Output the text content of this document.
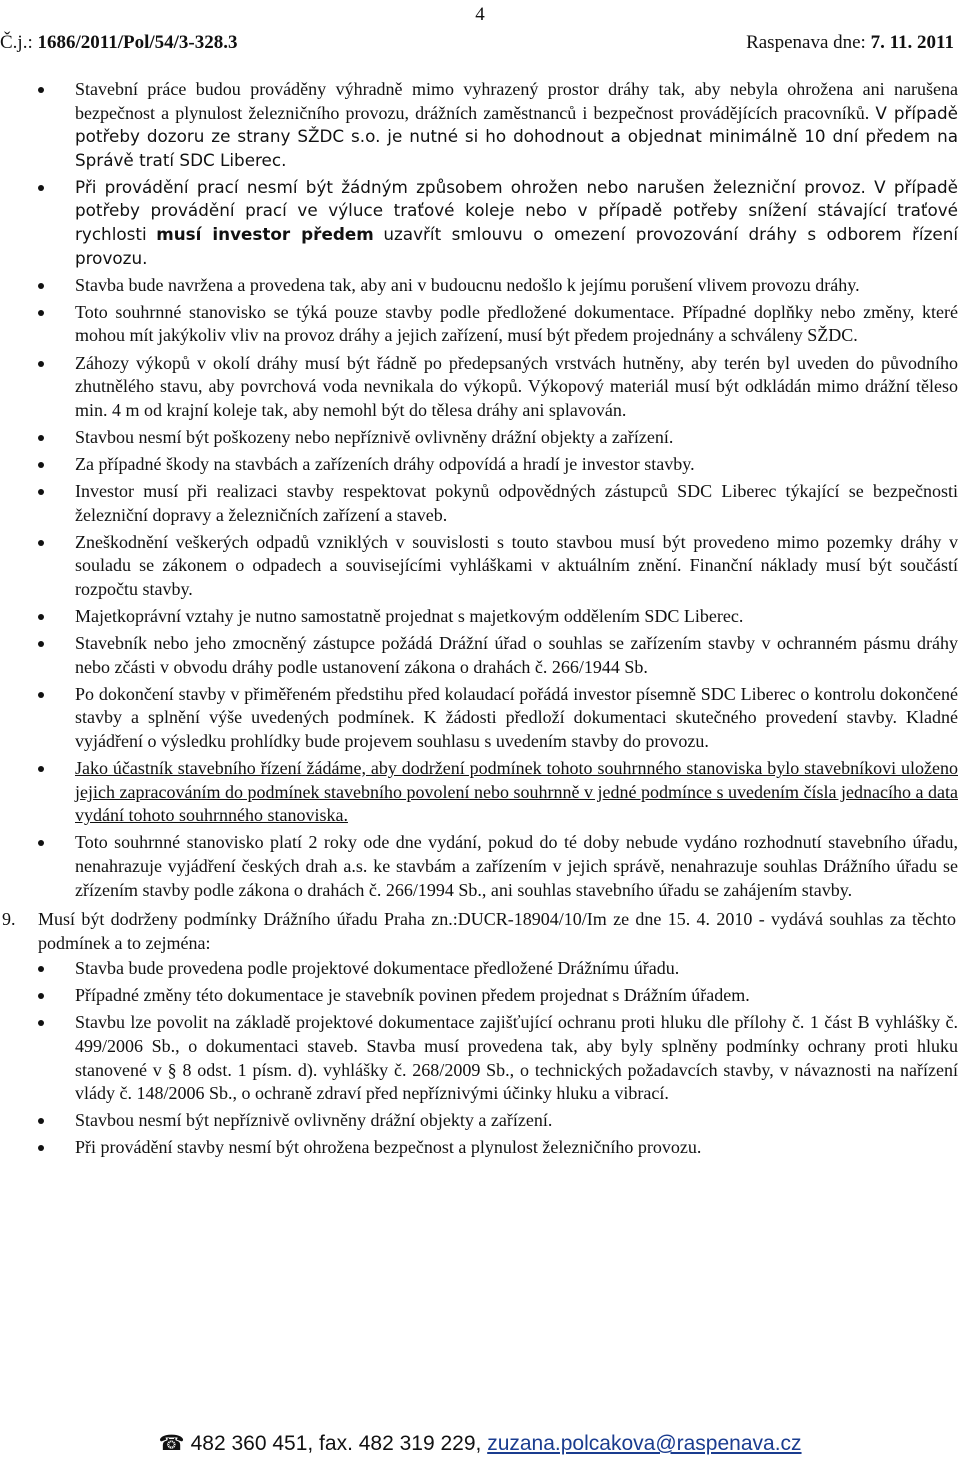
4
Č.j.: 1686/2011/Pol/54/3-328.3	Raspenava dne: 7. 11. 2011
Stavební práce budou prováděny výhradně mimo vyhrazený prostor dráhy tak, aby nebyla ohrožena ani narušena bezpečnost a plynulost železničního provozu, drážních zaměstnanců i bezpečnost provádějících pracovníků. V případě potřeby dozoru ze strany SŽDC s.o. je nutné si ho dohodnout a objednat minimálně 10 dní předem na Správě tratí SDC Liberec.
Při provádění prací nesmí být žádným způsobem ohrožen nebo narušen železniční provoz. V případě potřeby provádění prací ve výluce traťové koleje nebo v případě potřeby snížení stávající traťové rychlosti musí investor předem uzavřít smlouvu o omezení provozování dráhy s odborem řízení provozu.
Stavba bude navržena a provedena tak, aby ani v budoucnu nedošlo k jejímu porušení vlivem provozu dráhy.
Toto souhrnné stanovisko se týká pouze stavby podle předložené dokumentace. Případné doplňky nebo změny, které mohou mít jakýkoliv vliv na provoz dráhy a jejich zařízení, musí být předem projednány a schváleny SŽDC.
Záhozy výkopů v okolí dráhy musí být řádně po předepsaných vrstvách hutněny, aby terén byl uveden do původního zhutnělého stavu, aby povrchová voda nevnikala do výkopů. Výkopový materiál musí být odkládán mimo drážní těleso min. 4 m od krajní koleje tak, aby nemohl být do tělesa dráhy ani splavován.
Stavbou nesmí být poškozeny nebo nepříznivě ovlivněny drážní objekty a zařízení.
Za případné škody na stavbách a zařízeních dráhy odpovídá a hradí je investor stavby.
Investor musí při realizaci stavby respektovat pokynů odpovědných zástupců SDC Liberec týkající se bezpečnosti železniční dopravy a železničních zařízení a staveb.
Zneškodnění veškerých odpadů vzniklých v souvislosti s touto stavbou musí být provedeno mimo pozemky dráhy v souladu se zákonem o odpadech a souvisejícími vyhláškami v aktuálním znění. Finanční náklady musí být součástí rozpočtu stavby.
Majetkoprávní vztahy je nutno samostatně projednat s majetkovým oddělením SDC Liberec.
Stavebník nebo jeho zmocněný zástupce požádá Drážní úřad o souhlas se zařízením stavby v ochranném pásmu dráhy nebo zčásti v obvodu dráhy podle ustanovení zákona o drahách č. 266/1944 Sb.
Po dokončení stavby v přiměřeném předstihu před kolaudací pořádá investor písemně SDC Liberec o kontrolu dokončené stavby a splnění výše uvedených podmínek. K žádosti předloží dokumentaci skutečného provedení stavby. Kladné vyjádření o výsledku prohlídky bude projevem souhlasu s uvedením stavby do provozu.
Jako účastník stavebního řízení žádáme, aby dodržení podmínek tohoto souhrnného stanoviska bylo stavebníkovi uloženo jejich zapracováním do podmínek stavebního povolení nebo souhrnně v jedné podmínce s uvedením čísla jednacího a data vydání tohoto souhrnného stanoviska.
Toto souhrnné stanovisko platí 2 roky ode dne vydání, pokud do té doby nebude vydáno rozhodnutí stavebního úřadu, nenahrazuje vyjádření českých drah a.s. ke stavbám a zařízením v jejich správě, nenahrazuje souhlas Drážního úřadu se zřízením stavby podle zákona o drahách č. 266/1994 Sb., ani souhlas stavebního úřadu se zahájením stavby.
9. Musí být dodrženy podmínky Drážního úřadu Praha zn.:DUCR-18904/10/Im ze dne 15. 4. 2010 - vydává souhlas za těchto podmínek a to zejména:
Stavba bude provedena podle projektové dokumentace předložené Drážnímu úřadu.
Případné změny této dokumentace je stavebník povinen předem projednat s Drážním úřadem.
Stavbu lze povolit na základě projektové dokumentace zajišťující ochranu proti hluku dle přílohy č. 1 část B vyhlášky č. 499/2006 Sb., o dokumentaci staveb. Stavba musí provedena tak, aby byly splněny podmínky ochrany proti hluku stanovené v § 8 odst. 1 písm. d). vyhlášky č. 268/2009 Sb., o technických požadavcích stavby, v návaznosti na nařízení vlády č. 148/2006 Sb., o ochraně zdraví před nepříznivými účinky hluku a vibrací.
Stavbou nesmí být nepříznivě ovlivněny drážní objekty a zařízení.
Při provádění stavby nesmí být ohrožena bezpečnost a plynulost železničního provozu.
☎ 482 360 451, fax. 482 319 229, zuzana.polcakova@raspenava.cz
